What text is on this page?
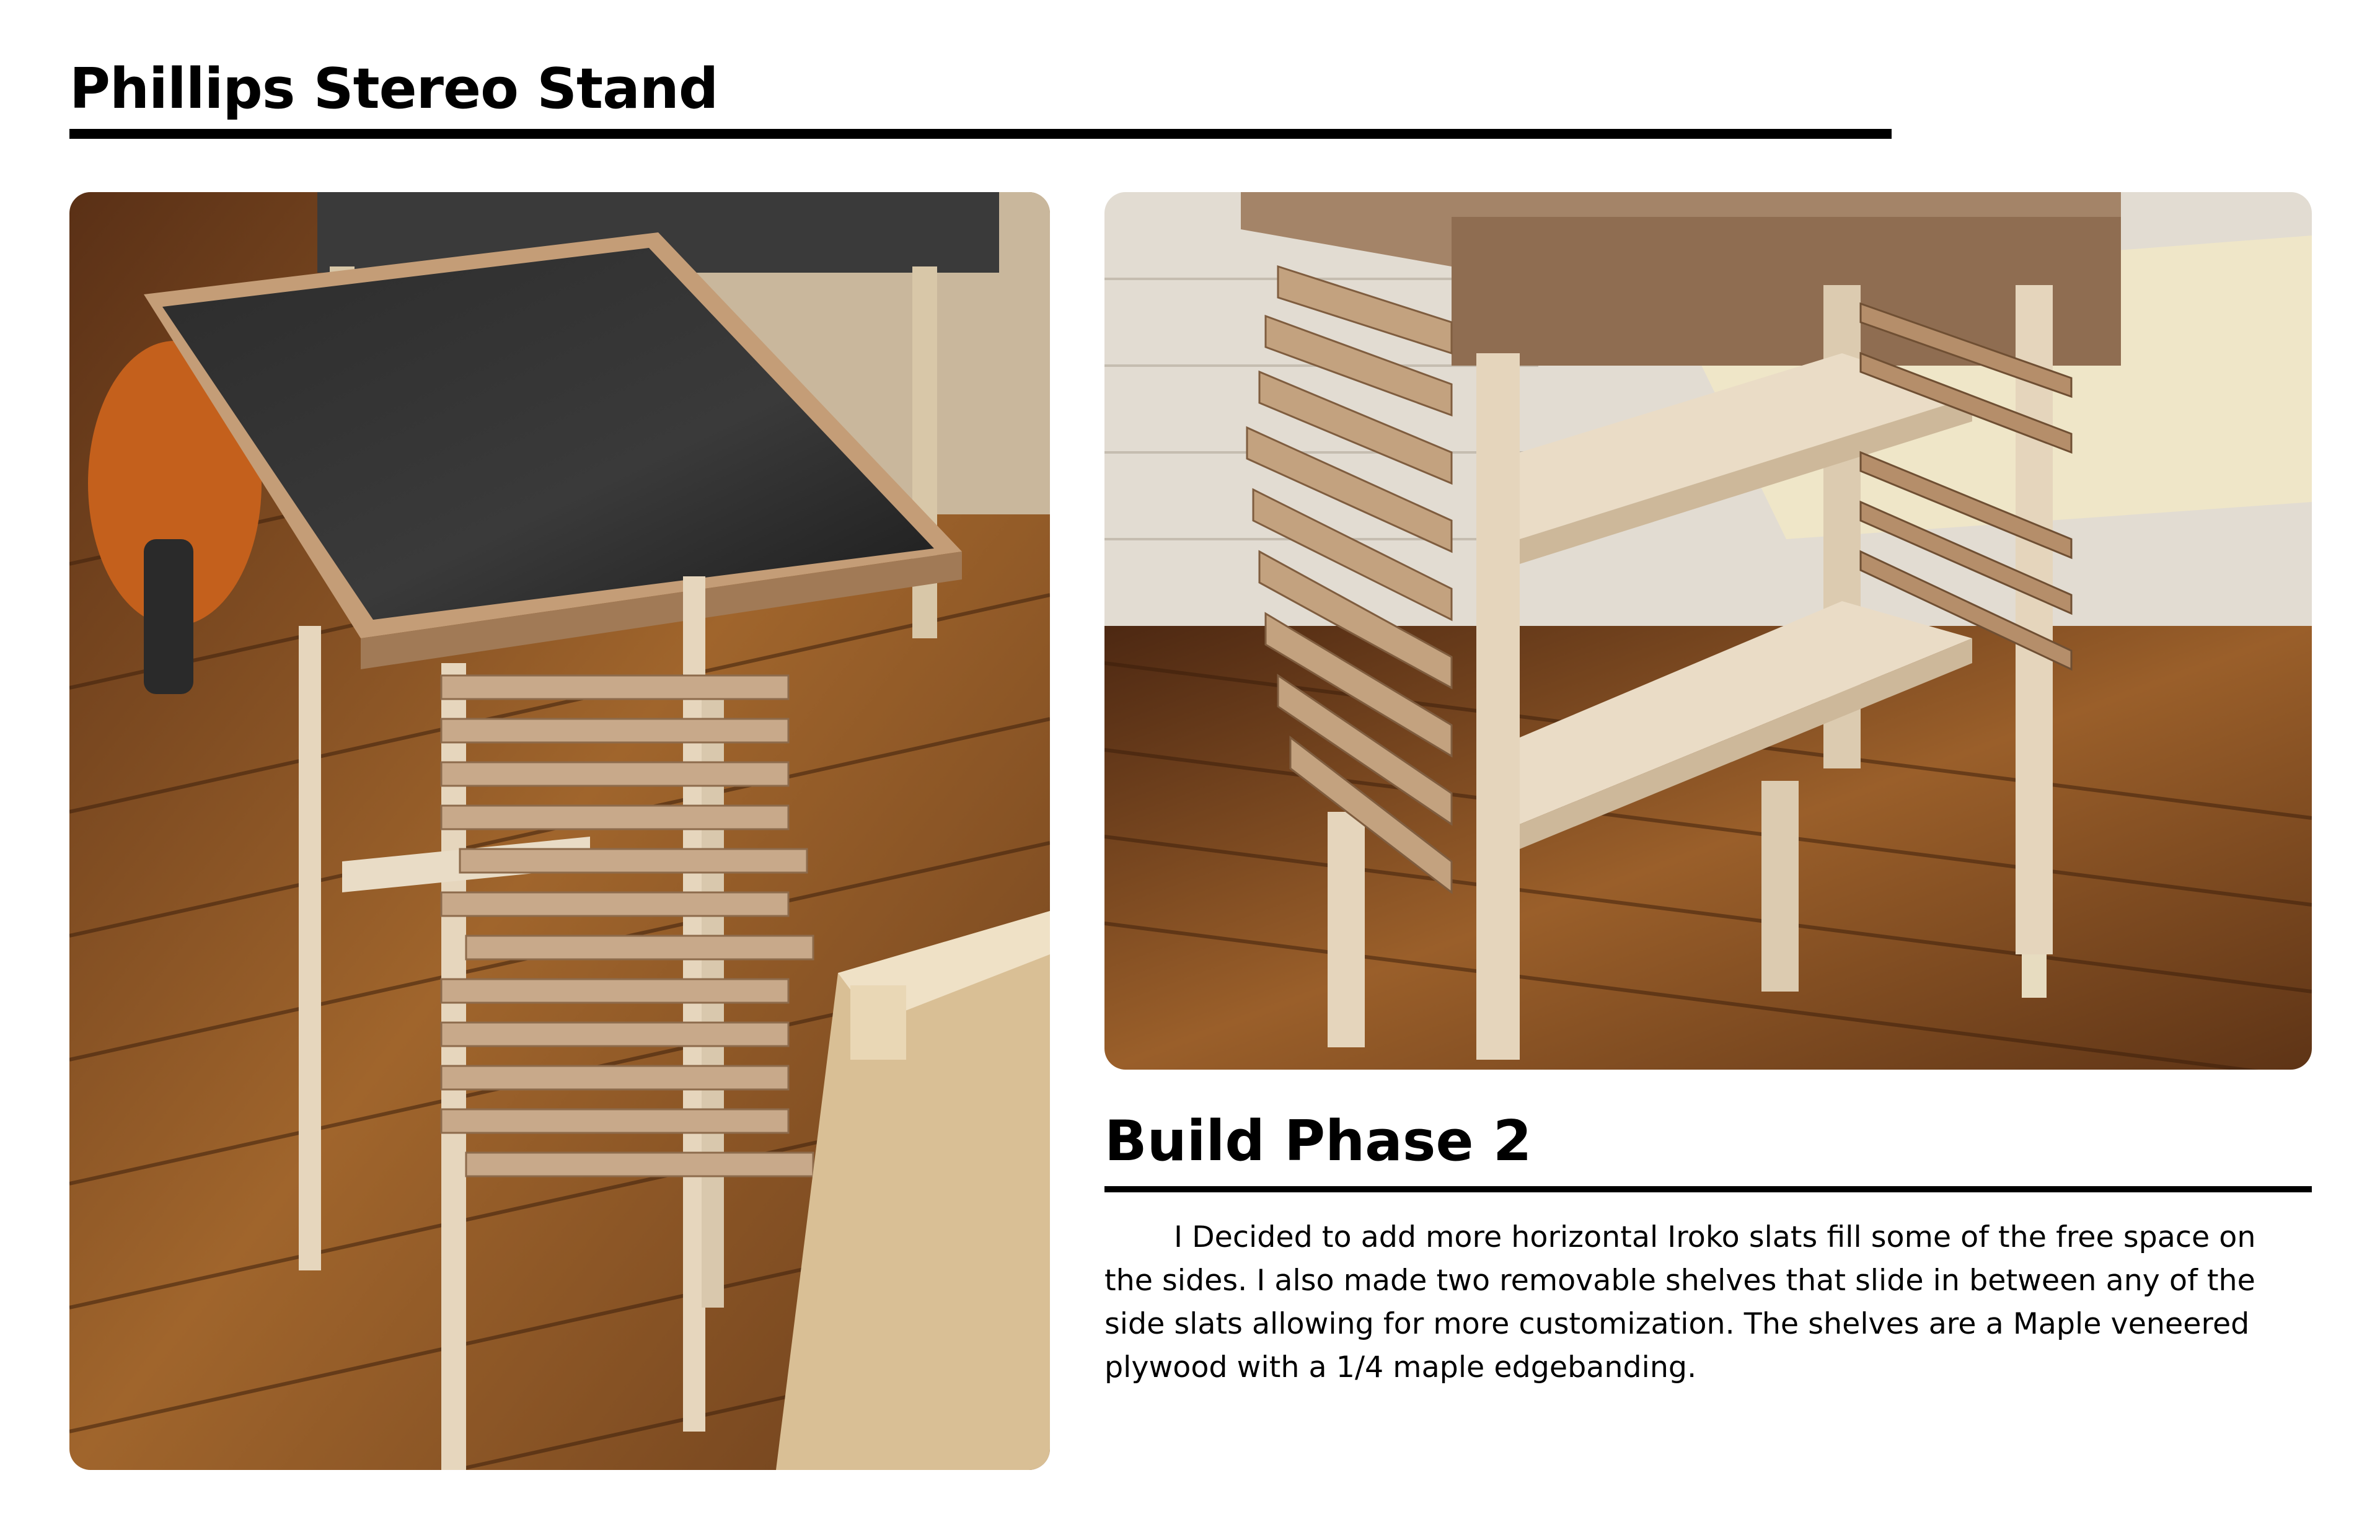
Phillips Stereo Stand
Build Phase 2

I Decided to add more horizontal Iroko slats fill some of the free space on the sides. I also made two removable shelves that slide in between any of the side slats allowing for more customization. The shelves are a Maple veneered plywood with a 1/4 maple edgebanding.
